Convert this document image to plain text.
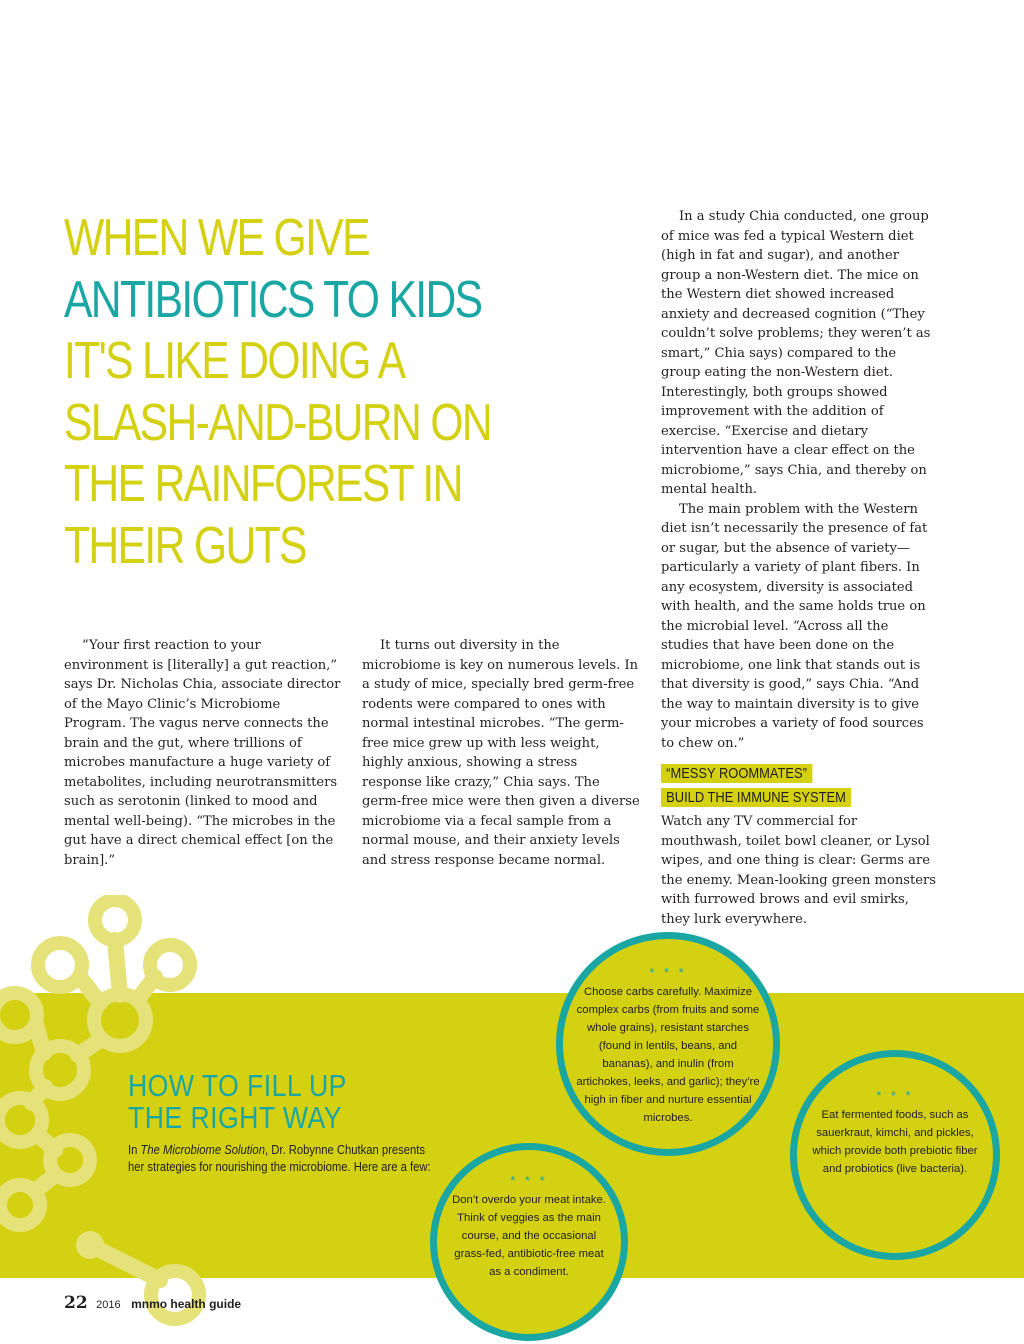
WHEN WE GIVE
ANTIBIOTICS TO KIDS
IT'S LIKE DOING A
SLASH-AND-BURN ON
THE RAINFOREST IN
THEIR GUTS

“Your first reaction to your environment is [literally] a gut reaction,” says Dr. Nicholas Chia, associate director of the Mayo Clinic’s Microbiome Program. The vagus nerve connects the brain and the gut, where trillions of microbes manufacture a huge variety of metabolites, including neurotransmitters such as serotonin (linked to mood and mental well-being). “The microbes in the gut have a direct chemical effect [on the brain].”

It turns out diversity in the microbiome is key on numerous levels. In a study of mice, specially bred germ-free rodents were compared to ones with normal intestinal microbes. “The germ-free mice grew up with less weight, highly anxious, showing a stress response like crazy,” Chia says. The germ-free mice were then given a diverse microbiome via a fecal sample from a normal mouse, and their anxiety levels and stress response became normal.

In a study Chia conducted, one group of mice was fed a typical Western diet (high in fat and sugar), and another group a non-Western diet. The mice on the Western diet showed increased anxiety and decreased cognition (“They couldn’t solve problems; they weren’t as smart,” Chia says) compared to the group eating the non-Western diet. Interestingly, both groups showed improvement with the addition of exercise. “Exercise and dietary intervention have a clear effect on the microbiome,” says Chia, and thereby on mental health.

The main problem with the Western diet isn’t necessarily the presence of fat or sugar, but the absence of variety—particularly a variety of plant fibers. In any ecosystem, diversity is associated with health, and the same holds true on the microbial level. “Across all the studies that have been done on the microbiome, one link that stands out is that diversity is good,” says Chia. “And the way to maintain diversity is to give your microbes a variety of food sources to chew on.”

“MESSY ROOMMATES”
BUILD THE IMMUNE SYSTEM

Watch any TV commercial for mouthwash, toilet bowl cleaner, or Lysol wipes, and one thing is clear: Germs are the enemy. Mean-looking green monsters with furrowed brows and evil smirks, they lurk everywhere.

HOW TO FILL UP
THE RIGHT WAY
In The Microbiome Solution, Dr. Robynne Chutkan presents her strategies for nourishing the microbiome. Here are a few:
* * *
Choose carbs carefully. Maximize complex carbs (from fruits and some whole grains), resistant starches (found in lentils, beans, and bananas), and inulin (from artichokes, leeks, and garlic); they’re high in fiber and nurture essential microbes.
* * *
Eat fermented foods, such as sauerkraut, kimchi, and pickles, which provide both prebiotic fiber and probiotics (live bacteria).
* * *
Don’t overdo your meat intake. Think of veggies as the main course, and the occasional grass-fed, antibiotic-free meat as a condiment.
22 2016 mnmo health guide
